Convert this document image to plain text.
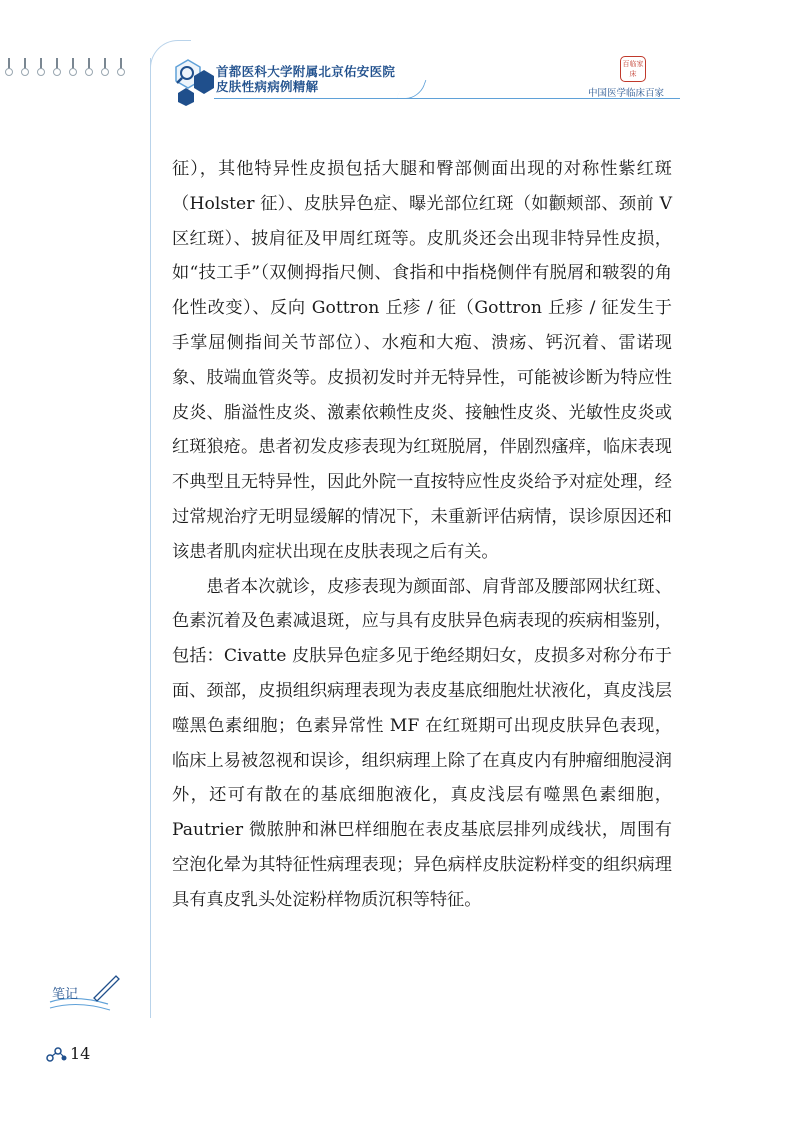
首都医科大学附属北京佑安医院
皮肤性病病例精解
百临家床
中国医学临床百家

征），其他特异性皮损包括大腿和臀部侧面出现的对称性紫红斑（Holster 征）、皮肤异色症、曝光部位红斑（如颧颊部、颈前 V 区红斑）、披肩征及甲周红斑等。皮肌炎还会出现非特异性皮损，如“技工手”（双侧拇指尺侧、食指和中指桡侧伴有脱屑和皲裂的角化性改变）、反向 Gottron 丘疹 / 征（Gottron 丘疹 / 征发生于手掌屈侧指间关节部位）、水疱和大疱、溃疡、钙沉着、雷诺现象、肢端血管炎等。皮损初发时并无特异性，可能被诊断为特应性皮炎、脂溢性皮炎、激素依赖性皮炎、接触性皮炎、光敏性皮炎或红斑狼疮。患者初发皮疹表现为红斑脱屑，伴剧烈瘙痒，临床表现不典型且无特异性，因此外院一直按特应性皮炎给予对症处理，经过常规治疗无明显缓解的情况下，未重新评估病情，误诊原因还和该患者肌肉症状出现在皮肤表现之后有关。

患者本次就诊，皮疹表现为颜面部、肩背部及腰部网状红斑、色素沉着及色素减退斑，应与具有皮肤异色病表现的疾病相鉴别，包括：Civatte 皮肤异色症多见于绝经期妇女，皮损多对称分布于面、颈部，皮损组织病理表现为表皮基底细胞灶状液化，真皮浅层噬黑色素细胞；色素异常性 MF 在红斑期可出现皮肤异色表现，临床上易被忽视和误诊，组织病理上除了在真皮内有肿瘤细胞浸润外，还可有散在的基底细胞液化，真皮浅层有噬黑色素细胞，Pautrier 微脓肿和淋巴样细胞在表皮基底层排列成线状，周围有空泡化晕为其特征性病理表现；异色病样皮肤淀粉样变的组织病理具有真皮乳头处淀粉样物质沉积等特征。

笔记
14
